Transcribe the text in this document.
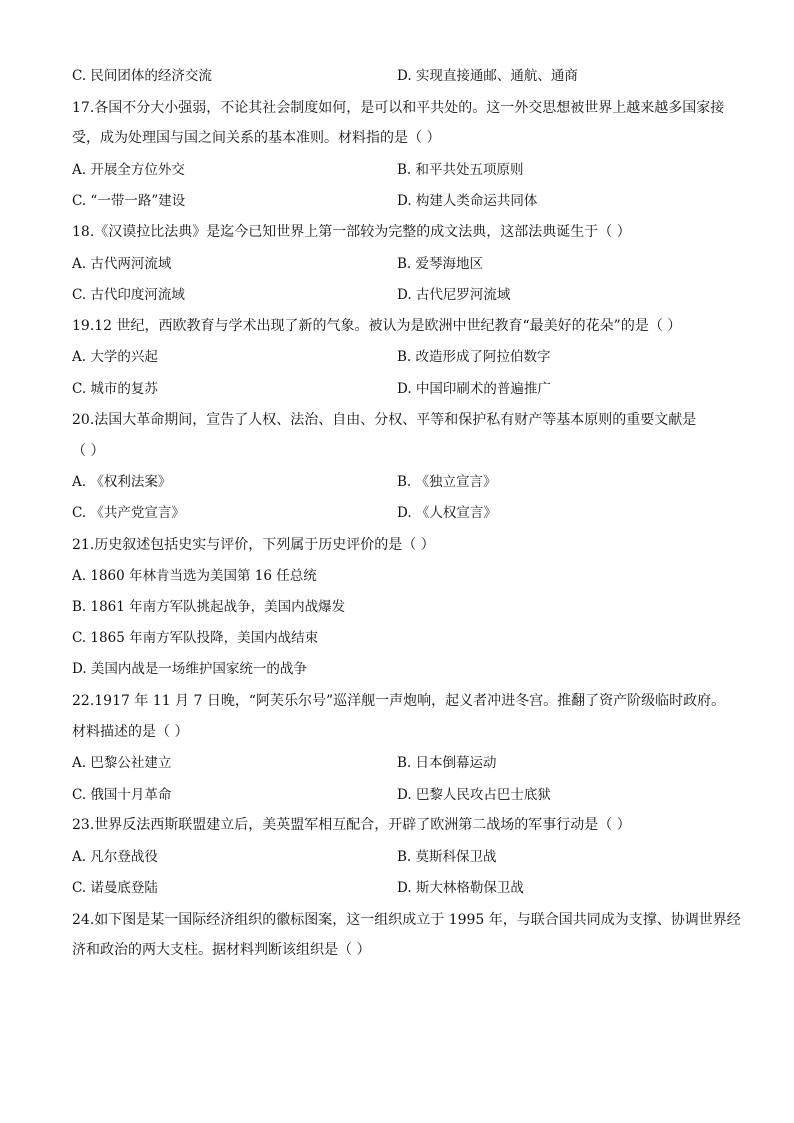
C. 民间团体的经济交流	D. 实现直接通邮、通航、通商
17.各国不分大小强弱，不论其社会制度如何，是可以和平共处的。这一外交思想被世界上越来越多国家接
受，成为处理国与国之间关系的基本准则。材料指的是（ ）
A. 开展全方位外交	B. 和平共处五项原则
C. “一带一路”建设	D. 构建人类命运共同体
18.《汉谟拉比法典》是迄今已知世界上第一部较为完整的成文法典，这部法典诞生于（ ）
A. 古代两河流域	B. 爱琴海地区
C. 古代印度河流域	D. 古代尼罗河流域
19.12 世纪，西欧教育与学术出现了新的气象。被认为是欧洲中世纪教育“最美好的花朵”的是（ ）
A. 大学的兴起	B. 改造形成了阿拉伯数字
C. 城市的复苏	D. 中国印刷术的普遍推广
20.法国大革命期间，宣告了人权、法治、自由、分权、平等和保护私有财产等基本原则的重要文献是
（ ）
A. 《权利法案》	B. 《独立宣言》
C. 《共产党宣言》	D. 《人权宣言》
21.历史叙述包括史实与评价，下列属于历史评价的是（ ）
A. 1860 年林肯当选为美国第 16 任总统
B. 1861 年南方军队挑起战争，美国内战爆发
C. 1865 年南方军队投降，美国内战结束
D. 美国内战是一场维护国家统一的战争
22.1917 年 11 月 7 日晚，“阿芙乐尔号”巡洋舰一声炮响，起义者冲进冬宫。推翻了资产阶级临时政府。
材料描述的是（ ）
A. 巴黎公社建立	B. 日本倒幕运动
C. 俄国十月革命	D. 巴黎人民攻占巴士底狱
23.世界反法西斯联盟建立后，美英盟军相互配合，开辟了欧洲第二战场的军事行动是（ ）
A. 凡尔登战役	B. 莫斯科保卫战
C. 诺曼底登陆	D. 斯大林格勒保卫战
24.如下图是某一国际经济组织的徽标图案，这一组织成立于 1995 年，与联合国共同成为支撑、协调世界经
济和政治的两大支柱。据材料判断该组织是（ ）
